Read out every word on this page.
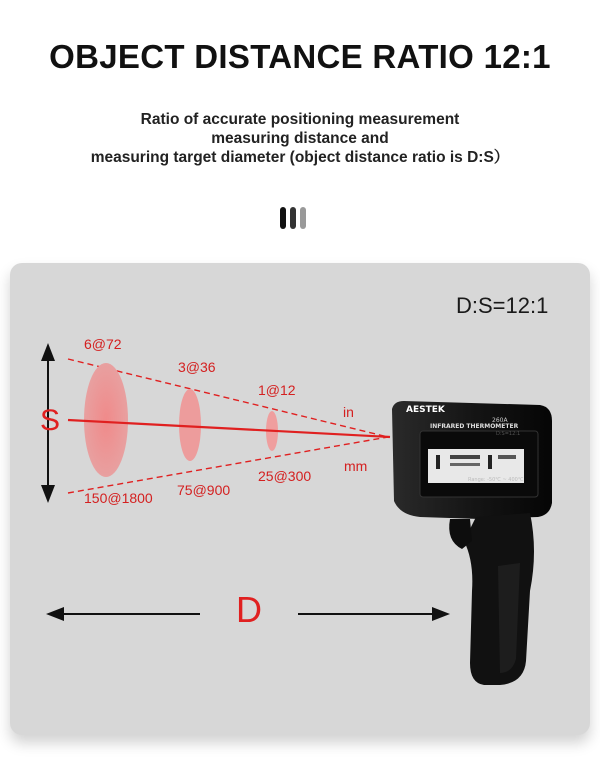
OBJECT DISTANCE RATIO 12:1
Ratio of accurate positioning measurement
measuring distance and
measuring target diameter (object distance ratio is D:S）
D:S=12:1
6@72
3@36
1@12
in
mm
25@300
75@900
150@1800
S
D
AESTEK
260A
INFRARED THERMOMETER
D:S=12:1
Range: -50℃ ~ 400℃
